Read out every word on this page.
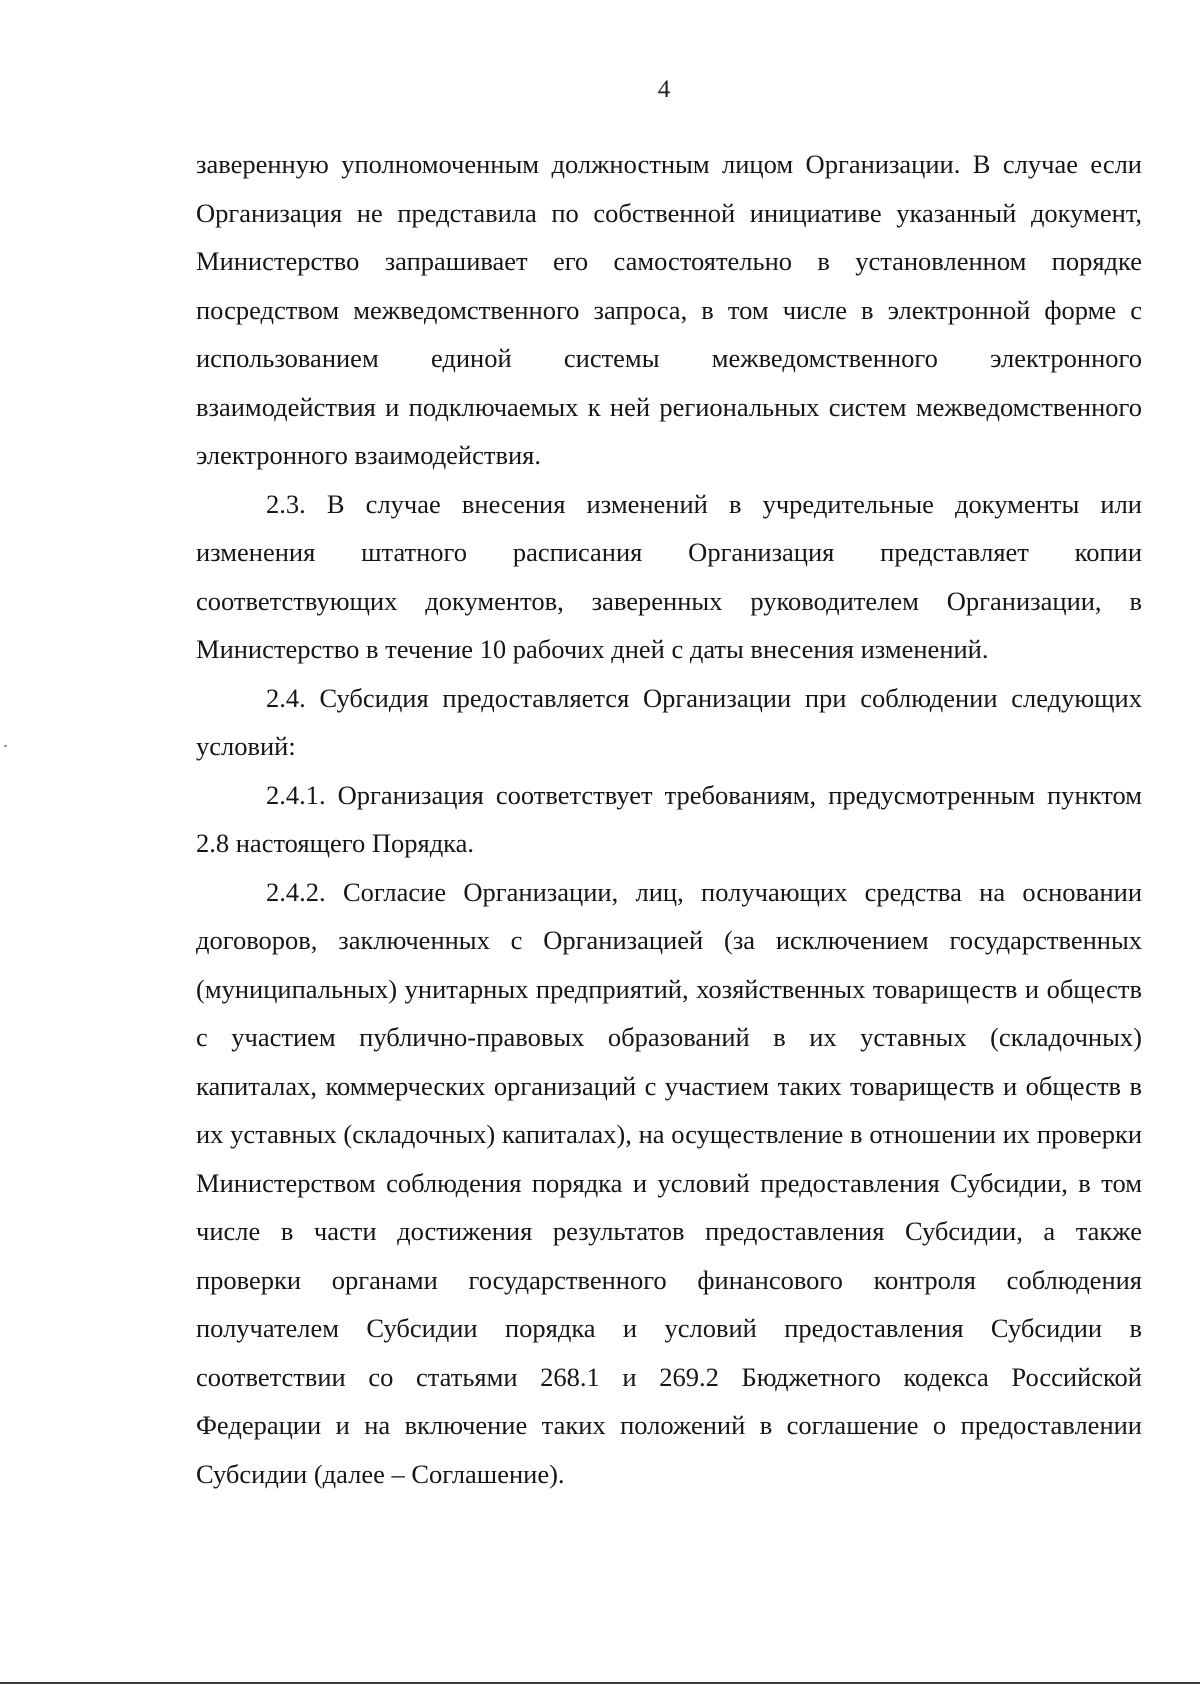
4

заверенную уполномоченным должностным лицом Организации. В случае если Организация не представила по собственной инициативе указанный документ, Министерство запрашивает его самостоятельно в установленном порядке посредством межведомственного запроса, в том числе в электронной форме с использованием единой системы межведомственного электронного взаимодействия и подключаемых к ней региональных систем межведомственного электронного взаимодействия.

2.3. В случае внесения изменений в учредительные документы или изменения штатного расписания Организация представляет копии соответствующих документов, заверенных руководителем Организации, в Министерство в течение 10 рабочих дней с даты внесения изменений.

2.4. Субсидия предоставляется Организации при соблюдении следующих условий:

2.4.1. Организация соответствует требованиям, предусмотренным пунктом 2.8 настоящего Порядка.

2.4.2. Согласие Организации, лиц, получающих средства на основании договоров, заключенных с Организацией (за исключением государственных (муниципальных) унитарных предприятий, хозяйственных товариществ и обществ с участием публично-правовых образований в их уставных (складочных) капиталах, коммерческих организаций с участием таких товариществ и обществ в их уставных (складочных) капиталах), на осуществление в отношении их проверки Министерством соблюдения порядка и условий предоставления Субсидии, в том числе в части достижения результатов предоставления Субсидии, а также проверки органами государственного финансового контроля соблюдения получателем Субсидии порядка и условий предоставления Субсидии в соответствии со статьями 268.1 и 269.2 Бюджетного кодекса Российской Федерации и на включение таких положений в соглашение о предоставлении Субсидии (далее – Соглашение).
